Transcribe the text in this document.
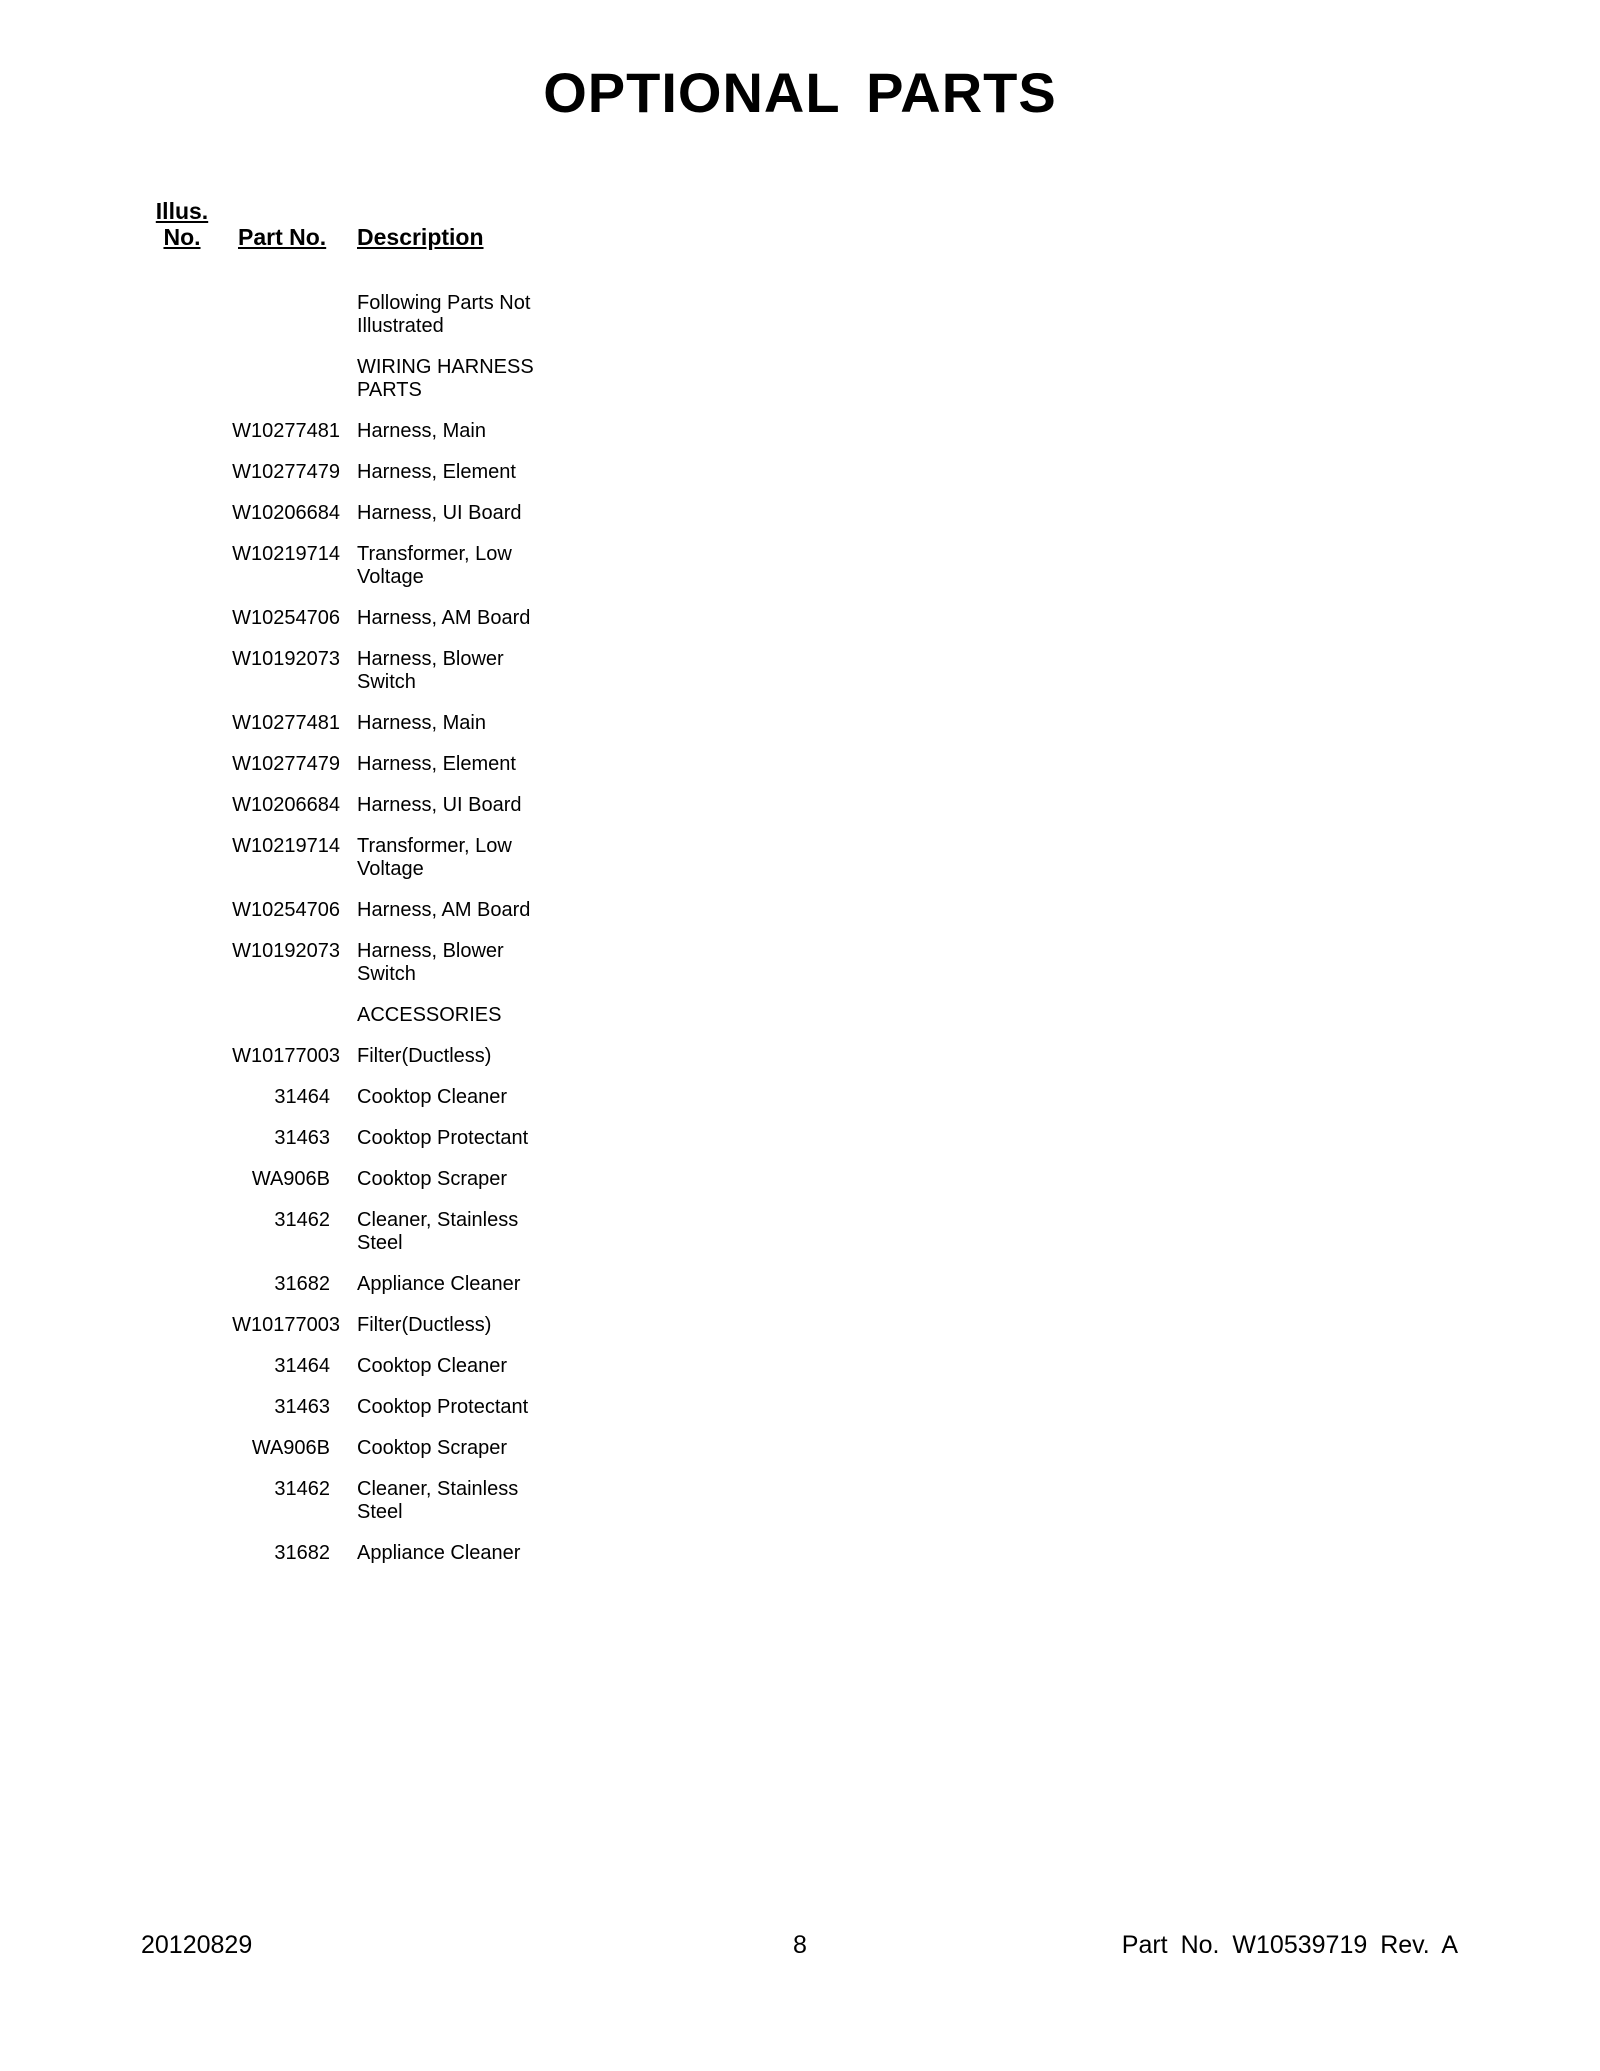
OPTIONAL PARTS
Illus.
No.	Part No. Description
Following Parts Not Illustrated
WIRING HARNESS PARTS
W10277481 Harness, Main
W10277479 Harness, Element
W10206684 Harness, UI Board
W10219714 Transformer, Low Voltage
W10254706 Harness, AM Board
W10192073 Harness, Blower Switch
W10277481 Harness, Main
W10277479 Harness, Element
W10206684 Harness, UI Board
W10219714 Transformer, Low Voltage
W10254706 Harness, AM Board
W10192073 Harness, Blower Switch
ACCESSORIES
W10177003 Filter(Ductless)
31464 Cooktop Cleaner
31463 Cooktop Protectant
WA906B Cooktop Scraper
31462 Cleaner, Stainless Steel
31682 Appliance Cleaner
W10177003 Filter(Ductless)
31464 Cooktop Cleaner
31463 Cooktop Protectant
WA906B Cooktop Scraper
31462 Cleaner, Stainless Steel
31682 Appliance Cleaner
20120829	8	Part No. W10539719 Rev. A
